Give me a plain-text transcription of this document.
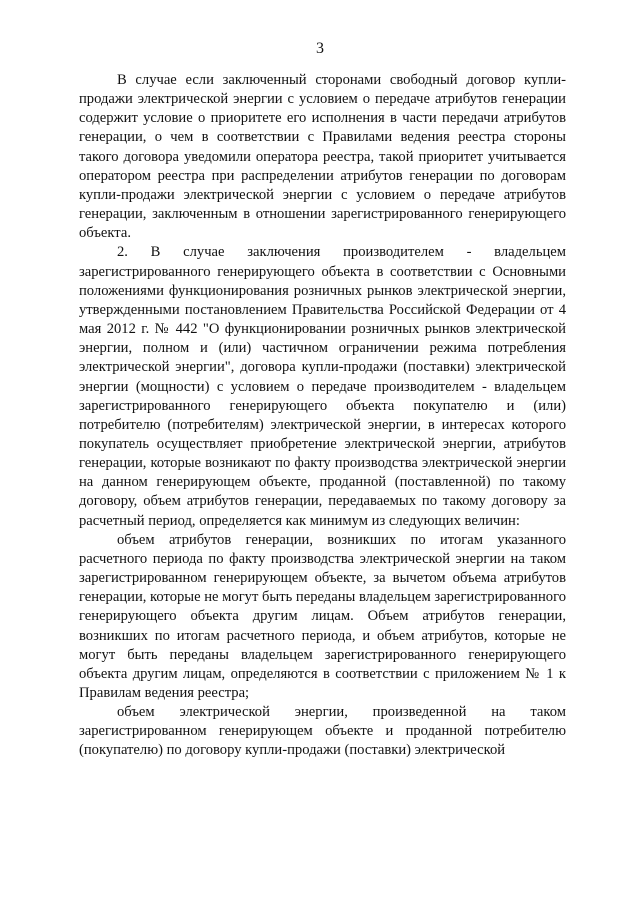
3

В случае если заключенный сторонами свободный договор купли-продажи электрической энергии с условием о передаче атрибутов генерации содержит условие о приоритете его исполнения в части передачи атрибутов генерации, о чем в соответствии с Правилами ведения реестра стороны такого договора уведомили оператора реестра, такой приоритет учитывается оператором реестра при распределении атрибутов генерации по договорам купли-продажи электрической энергии с условием о передаче атрибутов генерации, заключенным в отношении зарегистрированного генерирующего объекта.

2. В случае заключения производителем - владельцем зарегистрированного генерирующего объекта в соответствии с Основными положениями функционирования розничных рынков электрической энергии, утвержденными постановлением Правительства Российской Федерации от 4 мая 2012 г. № 442 "О функционировании розничных рынков электрической энергии, полном и (или) частичном ограничении режима потребления электрической энергии", договора купли-продажи (поставки) электрической энергии (мощности) с условием о передаче производителем - владельцем зарегистрированного генерирующего объекта покупателю и (или) потребителю (потребителям) электрической энергии, в интересах которого покупатель осуществляет приобретение электрической энергии, атрибутов генерации, которые возникают по факту производства электрической энергии на данном генерирующем объекте, проданной (поставленной) по такому договору, объем атрибутов генерации, передаваемых по такому договору за расчетный период, определяется как минимум из следующих величин:

объем атрибутов генерации, возникших по итогам указанного расчетного периода по факту производства электрической энергии на таком зарегистрированном генерирующем объекте, за вычетом объема атрибутов генерации, которые не могут быть переданы владельцем зарегистрированного генерирующего объекта другим лицам. Объем атрибутов генерации, возникших по итогам расчетного периода, и объем атрибутов, которые не могут быть переданы владельцем зарегистрированного генерирующего объекта другим лицам, определяются в соответствии с приложением № 1 к Правилам ведения реестра;

объем электрической энергии, произведенной на таком зарегистрированном генерирующем объекте и проданной потребителю (покупателю) по договору купли-продажи (поставки) электрической
